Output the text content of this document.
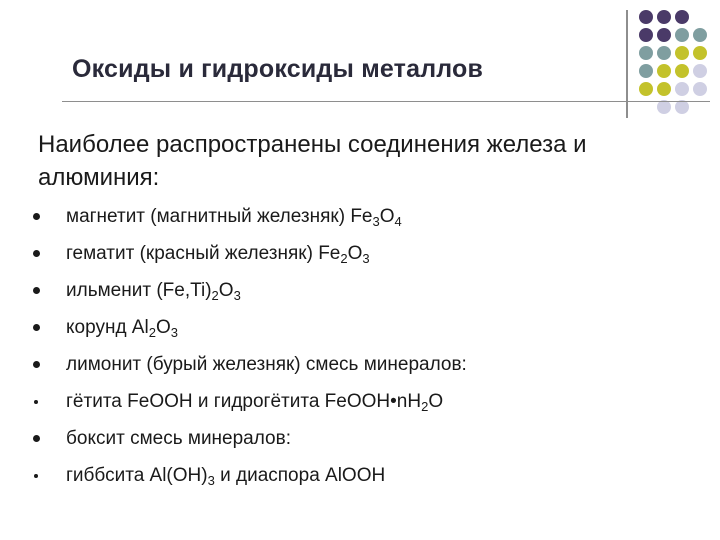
Оксиды и гидроксиды металлов
Наиболее распространены соединения железа и алюминия:
магнетит (магнитный железняк) $Fe_3O_4$
гематит (красный железняк) $Fe_2O_3$
ильменит $(Fe,Ti)_2O_3$
корунд $Al_2O_3$
лимонит (бурый железняк) смесь минералов:
гётита FeOOH и гидрогётита $FeOOH•nH_2O$
боксит смесь минералов:
гиббсита $Al(OH)_3$ и диаспора AlOOH
